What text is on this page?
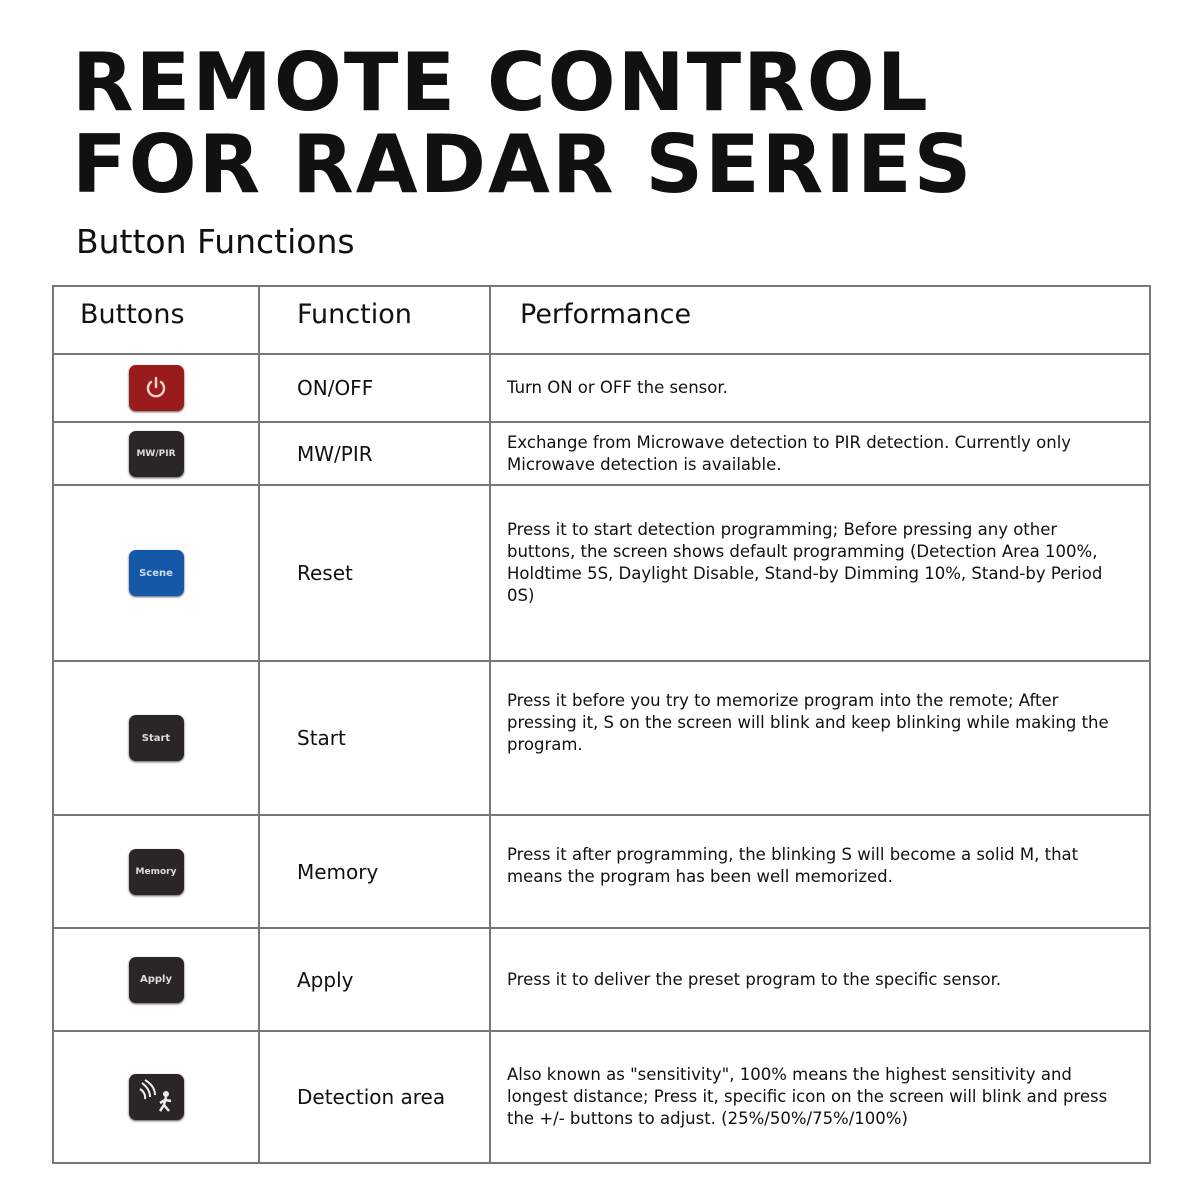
REMOTE CONTROL
FOR RADAR SERIES
Button Functions
Buttons	Function	Performance

	ON/OFF	Turn ON or OFF the sensor.
MW/PIR	MW/PIR	Exchange from Microwave detection to PIR detection. Currently only Microwave detection is available.
Scene	Reset	Press it to start detection programming; Before pressing any other buttons, the screen shows default programming (Detection Area 100%, Holdtime 5S, Daylight Disable, Stand-by Dimming 10%, Stand-by Period 0S)
Start	Start	Press it before you try to memorize program into the remote; After pressing it, S on the screen will blink and keep blinking while making the program.
Memory	Memory	Press it after programming, the blinking S will become a solid M, that means the program has been well memorized.
Apply	Apply	Press it to deliver the preset program to the specific sensor.

	Detection area	Also known as "sensitivity", 100% means the highest sensitivity and longest distance; Press it, specific icon on the screen will blink and press the +/- buttons to adjust. (25%/50%/75%/100%)
